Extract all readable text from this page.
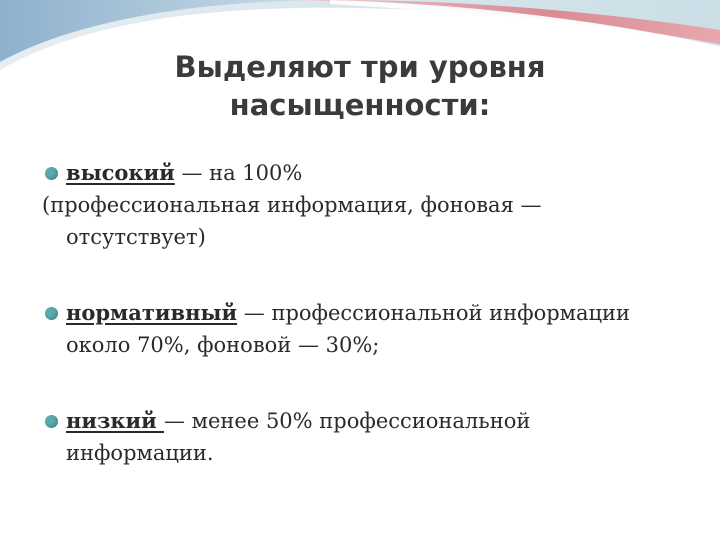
Выделяют три уровня
насыщенности:
высокий — на 100%
(профессиональная информация, фоновая —
отсутствует)
нормативный — профессиональной информации
около 70%, фоновой — 30%;
низкий — менее 50% профессиональной
информации.
